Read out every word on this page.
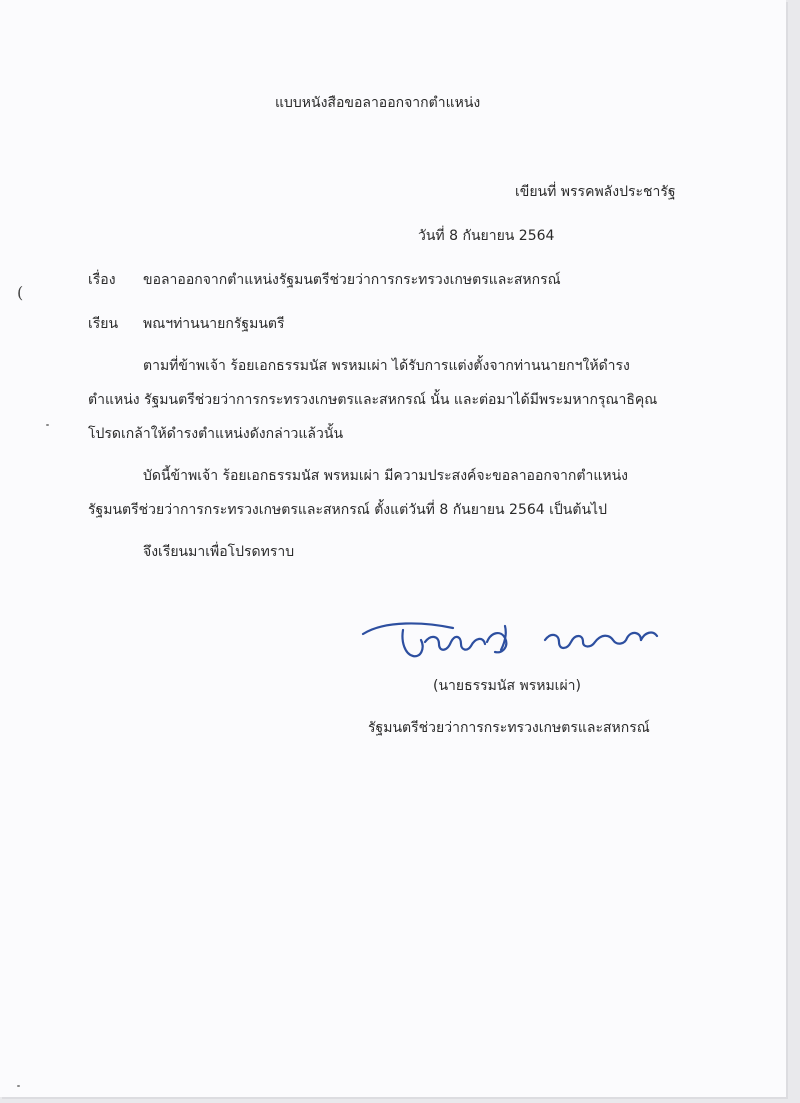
แบบหนังสือขอลาออกจากตำแหน่ง
เขียนที่ พรรคพลังประชารัฐ
วันที่ 8 กันยายน 2564
เรื่อง ขอลาออกจากตำแหน่งรัฐมนตรีช่วยว่าการกระทรวงเกษตรและสหกรณ์
เรียน พณฯท่านนายกรัฐมนตรี
ตามที่ข้าพเจ้า ร้อยเอกธรรมนัส พรหมเผ่า ได้รับการแต่งตั้งจากท่านนายกฯให้ดำรง
ตำแหน่ง รัฐมนตรีช่วยว่าการกระทรวงเกษตรและสหกรณ์ นั้น และต่อมาได้มีพระมหากรุณาธิคุณ
โปรดเกล้าให้ดำรงตำแหน่งดังกล่าวแล้วนั้น
บัดนี้ข้าพเจ้า ร้อยเอกธรรมนัส พรหมเผ่า มีความประสงค์จะขอลาออกจากตำแหน่ง
รัฐมนตรีช่วยว่าการกระทรวงเกษตรและสหกรณ์ ตั้งแต่วันที่ 8 กันยายน 2564 เป็นต้นไป
จึงเรียนมาเพื่อโปรดทราบ
(นายธรรมนัส พรหมเผ่า)
รัฐมนตรีช่วยว่าการกระทรวงเกษตรและสหกรณ์
(
